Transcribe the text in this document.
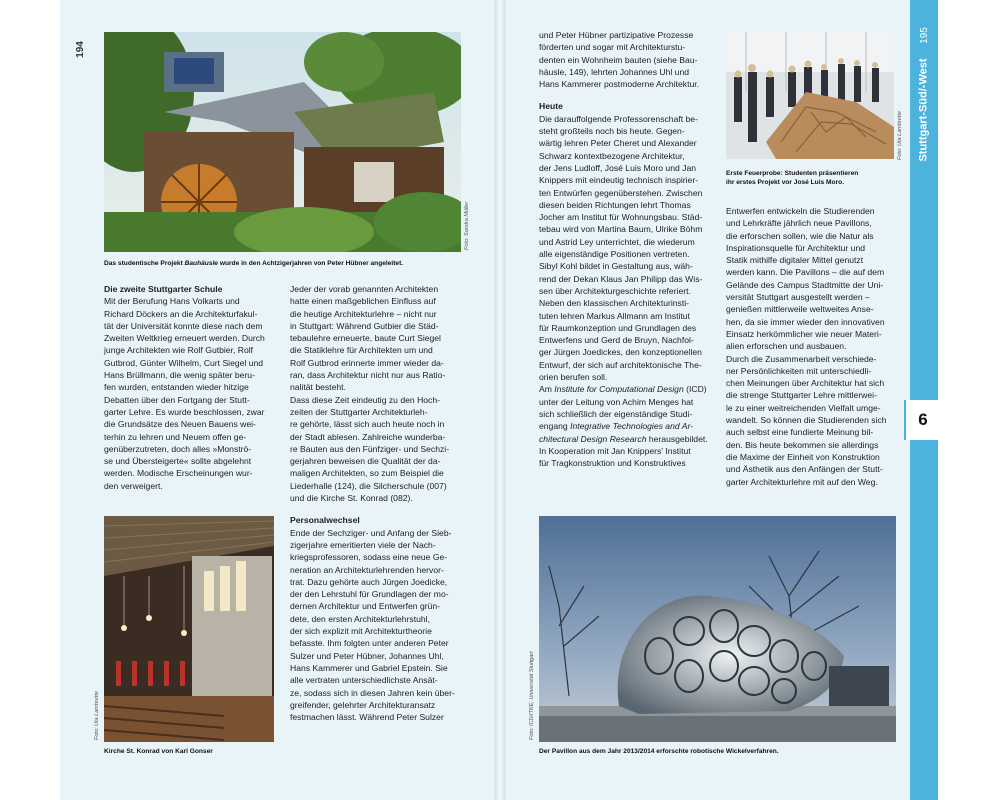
195
Stuttgart-Süd/-West
6
194
Foto: Sandra Müller
Das studentische Projekt Bauhäusle wurde in den Achtzigerjahren von Peter Hübner angeleitet.

Die zweite Stuttgarter Schule

Mit der Berufung Hans Volkarts und

Richard Döckers an die Architekturfakul-

tät der Universität konnte diese nach dem

Zweiten Weltkrieg erneuert werden. Durch

junge Architekten wie Rolf Gutbier, Rolf

Gutbrod, Günter Wilhelm, Curt Siegel und

Hans Brüllmann, die wenig später beru-

fen wurden, entstanden wieder hitzige

Debatten über den Fortgang der Stutt-

garter Lehre. Es wurde beschlossen, zwar

die Grundsätze des Neuen Bauens wei-

terhin zu lehren und Neuem offen ge-

genüberzutreten, doch alles »Monströ-

se und Übersteigerte« sollte abgelehnt

werden. Modische Erscheinungen wur-

den verweigert.

Foto: Uta Lambrette
Kirche St. Konrad von Karl Gonser

Jeder der vorab genannten Architekten

hatte einen maßgeblichen Einfluss auf

die heutige Architekturlehre – nicht nur

in Stuttgart: Während Gutbier die Städ-

tebaulehre erneuerte, baute Curt Siegel

die Statiklehre für Architekten um und

Rolf Gutbrod erinnerte immer wieder da-

ran, dass Architektur nicht nur aus Ratio-

nalität besteht.

Dass diese Zeit eindeutig zu den Hoch-

zeiten der Stuttgarter Architekturleh-

re gehörte, lässt sich auch heute noch in

der Stadt ablesen. Zahlreiche wunderba-

re Bauten aus den Fünfziger- und Sechzi-

gerjahren beweisen die Qualität der da-

maligen Architekten, so zum Beispiel die

Liederhalle (124), die Silcherschule (007)

und die Kirche St. Konrad (082).

Personalwechsel

Ende der Sechziger- und Anfang der Sieb-

zigerjahre emeritierten viele der Nach-

kriegsprofessoren, sodass eine neue Ge-

neration an Architekturlehrenden hervor-

trat. Dazu gehörte auch Jürgen Joedicke,

der den Lehrstuhl für Grundlagen der mo-

dernen Architektur und Entwerfen grün-

dete, den ersten Architekturlehrstuhl,

der sich explizit mit Architekturtheorie

befasste. Ihm folgten unter anderen Peter

Sulzer und Peter Hübner, Johannes Uhl,

Hans Kammerer und Gabriel Epstein. Sie

alle vertraten unterschiedlichste Ansät-

ze, sodass sich in diesen Jahren kein über-

greifender, gelehrter Architekturansatz

festmachen lässt. Während Peter Sulzer

und Peter Hübner partizipative Prozesse

förderten und sogar mit Architekturstu-

denten ein Wohnheim bauten (siehe Bau-

häusle, 149), lehrten Johannes Uhl und

Hans Kammerer postmoderne Architektur.

Heute

Die darauffolgende Professorenschaft be-

steht großteils noch bis heute. Gegen-

wärtig lehren Peter Cheret und Alexander

Schwarz kontextbezogene Architektur,

der Jens Ludloff, José Luis Moro und Jan

Knippers mit eindeutig technisch inspirier-

ten Entwürfen gegenüberstehen. Zwischen

diesen beiden Richtungen lehrt Thomas

Jocher am Institut für Wohnungsbau. Städ-

tebau wird von Martina Baum, Ulrike Böhm

und Astrid Ley unterrichtet, die wiederum

alle eigenständige Positionen vertreten.

Sibyl Kohl bildet in Gestaltung aus, wäh-

rend der Dekan Klaus Jan Philipp das Wis-

sen über Architekturgeschichte referiert.

Neben den klassischen Architekturinsti-

tuten lehren Markus Allmann am Institut

für Raumkonzeption und Grundlagen des

Entwerfens und Gerd de Bruyn, Nachfol-

ger Jürgen Joedickes, den konzeptionellen

Entwurf, der sich auf architektonische The-

orien berufen soll.

Am Institute for Computational Design (ICD)

unter der Leitung von Achim Menges hat

sich schließlich der eigenständige Studi-

engang Integrative Technologies and Ar-

chitectural Design Research herausgebildet.

In Kooperation mit Jan Knippers' Institut

für Tragkonstruktion und Konstruktives

Foto: Uta Lambrette
Erste Feuerprobe: Studenten präsentieren
ihr erstes Projekt vor José Luis Moro.

Entwerfen entwickeln die Studierenden

und Lehrkräfte jährlich neue Pavillons,

die erforschen sollen, wie die Natur als

Inspirationsquelle für Architektur und

Statik mithilfe digitaler Mittel genutzt

werden kann. Die Pavillons – die auf dem

Gelände des Campus Stadtmitte der Uni-

versität Stuttgart ausgestellt werden –

genießen mittlerweile weltweites Anse-

hen, da sie immer wieder den innovativen

Einsatz herkömmlicher wie neuer Materi-

alien erforschen und ausbauen.

Durch die Zusammenarbeit verschiede-

ner Persönlichkeiten mit unterschiedli-

chen Meinungen über Architektur hat sich

die strenge Stuttgarter Lehre mittlerwei-

le zu einer weitreichenden Vielfalt umge-

wandelt. So können die Studierenden sich

auch selbst eine fundierte Meinung bil-

den. Bis heute bekommen sie allerdings

die Maxime der Einheit von Konstruktion

und Ästhetik aus den Anfängen der Stutt-

garter Architekturlehre mit auf den Weg.

Foto: ICD/ITKE, Universität Stuttgart
Der Pavillon aus dem Jahr 2013/2014 erforschte robotische Wickelverfahren.
